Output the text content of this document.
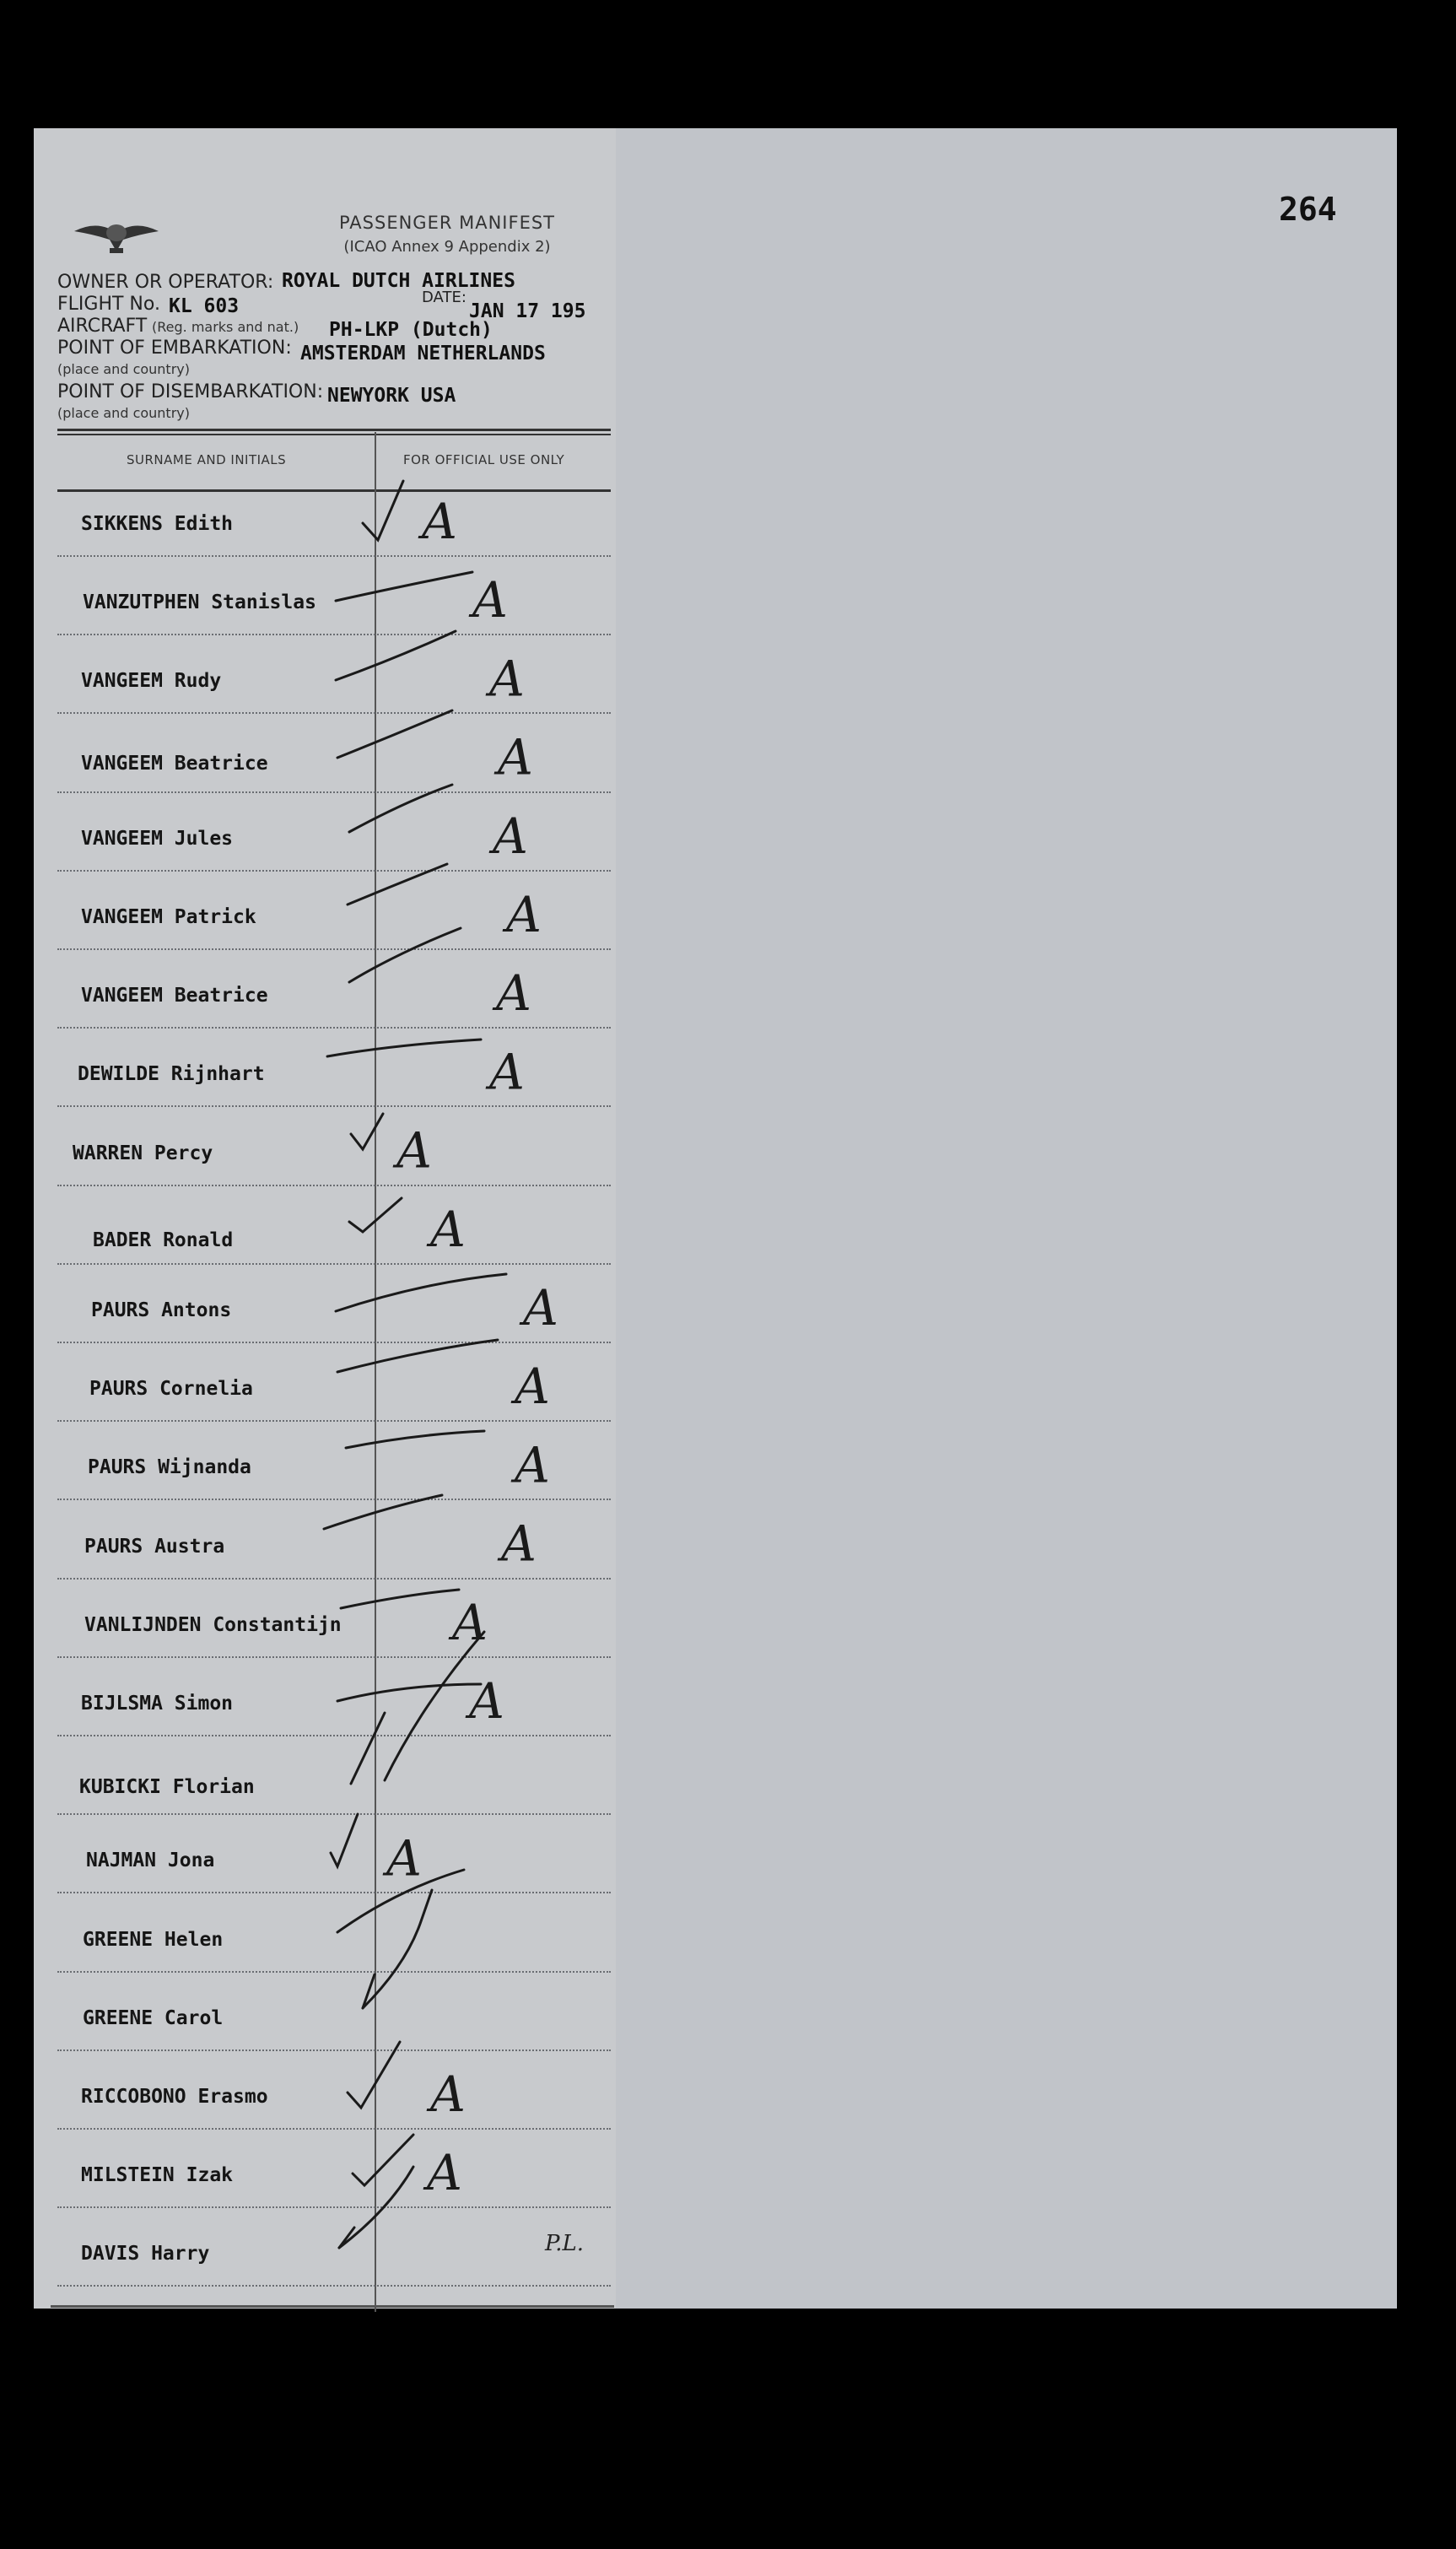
264
PASSENGER MANIFEST
(ICAO Annex 9 Appendix 2)
OWNER OR OPERATOR: ROYAL DUTCH AIRLINES
FLIGHT No. KL 603	DATE:
JAN 17 195
AIRCRAFT (Reg. marks and nat.) PH-LKP (Dutch)
POINT OF EMBARKATION: AMSTERDAM NETHERLANDS
(place and country)
POINT OF DISEMBARKATION: NEWYORK USA
(place and country)
SURNAME AND INITIALS	FOR OFFICIAL USE ONLY
SIKKENS Edith
VANZUTPHEN Stanislas
VANGEEM Rudy
VANGEEM Beatrice
VANGEEM Jules
VANGEEM Patrick
VANGEEM Beatrice
DEWILDE Rijnhart
WARREN Percy
BADER Ronald
PAURS Antons
PAURS Cornelia
PAURS Wijnanda
PAURS Austra
VANLIJNDEN Constantijn
BIJLSMA Simon
KUBICKI Florian
NAJMAN Jona
GREENE Helen
GREENE Carol
RICCOBONO Erasmo
MILSTEIN Izak
DAVIS Harry
A
A
A
A
A
A
A
A
A
A
A
A
A
A
A
A
A
A
A
P.L.
